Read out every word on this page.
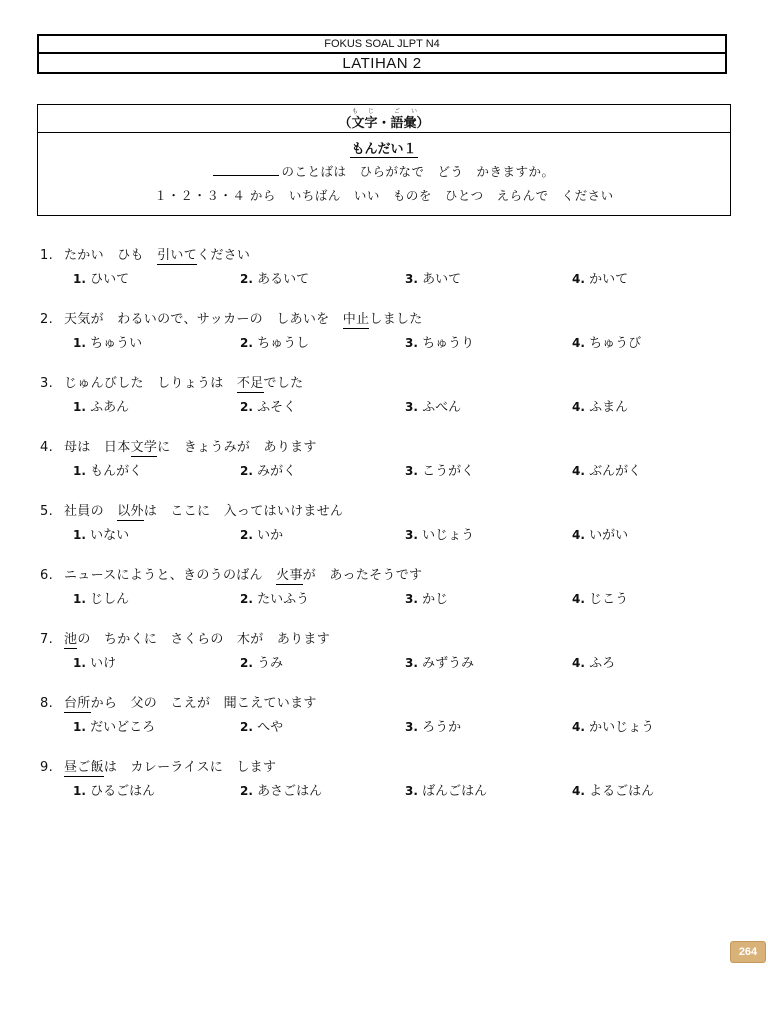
FOKUS SOAL JLPT N4
LATIHAN 2
も じ	ご い
（文字・語彙）
もんだい１
のことばは　ひらがなで　どう　かきますか。
１・２・３・４ から　いちばん　いい　ものを　ひとつ　えらんで　ください
1. たかい　ひも　引いてください
1. ひいて	2. あるいて	3. あいて	4. かいて
2. 天気が　わるいので、サッカーの　しあいを　中止しました
1. ちゅうい	2. ちゅうし	3. ちゅうり	4. ちゅうび
3. じゅんびした　しりょうは　不足でした
1. ふあん	2. ふそく	3. ふべん	4. ふまん
4. 母は　日本文学に　きょうみが　あります
1. もんがく	2. みがく	3. こうがく	4. ぶんがく
5. 社員の　以外は　ここに　入ってはいけません
1. いない	2. いか	3. いじょう	4. いがい
6. ニュースにようと、きのうのばん　火事が　あったそうです
1. じしん	2. たいふう	3. かじ	4. じこう
7. 池の　ちかくに　さくらの　木が　あります
1. いけ	2. うみ	3. みずうみ	4. ふろ
8. 台所から　父の　こえが　聞こえています
1. だいどころ	2. へや	3. ろうか	4. かいじょう
9. 昼ご飯は　カレーライスに　します
1. ひるごはん	2. あさごはん	3. ばんごはん	4. よるごはん
264
